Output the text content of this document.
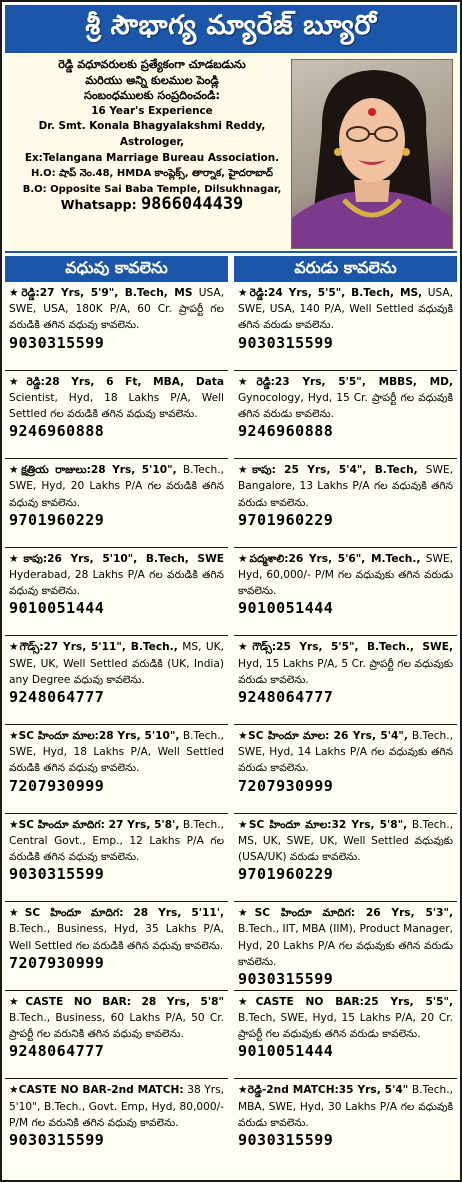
శ్రీ సౌభాగ్య మ్యారేజ్ బ్యూరో
రెడ్డి వధూవరులకు ప్రత్యేకంగా చూడబడును
మరియు అన్ని కులముల పెండ్లి
సంబంధములకు సంప్రదించండి:
16 Year's Experience
Dr. Smt. Konala Bhagyalakshmi Reddy,
Astrologer,
Ex:Telangana Marriage Bureau Association.
H.O: షాప్ నెం.48, HMDA కాంప్లెక్స్, తార్నాక, హైదరాబాద్
B.O: Opposite Sai Baba Temple, Dilsukhnagar,
Whatsapp: 9866044439
వధువు కావలెను	వరుడు కావలెను
★రెడ్డి:27 Yrs, 5'9", B.Tech, MS USA, SWE, USA, 180K P/A, 60 Cr. ప్రాపర్టీ గల వరుడికి తగిన వధువు కావలెను.
9030315599
★రెడ్డి:28 Yrs, 6 Ft, MBA, Data Scientist, Hyd, 18 Lakhs P/A, Well Settled గల వరుడికి తగిన వధువు కావలెను.
9246960888
★క్షత్రియ రాజులు:28 Yrs, 5'10", B.Tech., SWE, Hyd, 20 Lakhs P/A గల వరుడికి తగిన వధువు కావలెను.
9701960229
★కాపు:26 Yrs, 5'10", B.Tech, SWE Hyderabad, 28 Lakhs P/A గల వరుడికి తగిన వధువు కావలెను.
9010051444
★గౌడ్స్:27 Yrs, 5'11", B.Tech., MS, UK, SWE, UK, Well Settled వరుడికి (UK, India) any Degree వధువు కావలెను.
9248064777
★SC హిందూ మాల:28 Yrs, 5'10", B.Tech., SWE, Hyd, 18 Lakhs P/A, Well Settled వరుడికి తగిన వధువు కావలెను.
7207930999
★SC హిందూ మాదిగ: 27 Yrs, 5'8', B.Tech., Central Govt., Emp., 12 Lakhs P/A గల వరుడికి తగిన వధువు కావలెను.
9030315599
★SC హిందూ మాదిగ: 28 Yrs, 5'11', B.Tech., Business, Hyd, 35 Lakhs P/A, Well Settled గల వరుడికి తగిన వధువు కావలెను.
7207930999
★CASTE NO BAR: 28 Yrs, 5'8" B.Tech., Business, 60 Lakhs P/A, 50 Cr. ప్రాపర్టీ గల వరునికి తగిన వధువు కావలెను.
9248064777
★CASTE NO BAR-2nd MATCH: 38 Yrs, 5'10", B.Tech., Govt. Emp, Hyd, 80,000/- P/M గల వరునికి తగిన వధువు కావలెను.
9030315599
★రెడ్డి:24 Yrs, 5'5", B.Tech, MS, USA, SWE, USA, 140 P/A, Well Settled వధువుకి తగిన వరుడు కావలెను.
9030315599
★రెడ్డి:23 Yrs, 5'5", MBBS, MD, Gynocology, Hyd, 15 Cr. ప్రాపర్టీ గల వధువుకి తగిన వరుడు కావలెను.
9246960888
★కాపు: 25 Yrs, 5'4", B.Tech, SWE, Bangalore, 13 Lakhs P/A గల వధువుకి తగిన వరుడు కావలెను.
9701960229
★పద్మశాలి:26 Yrs, 5'6", M.Tech., SWE, Hyd, 60,000/- P/M గల వధువుకు తగిన వరుడు కావలెను.
9010051444
★గౌడ్స్:25 Yrs, 5'5", B.Tech., SWE, Hyd, 15 Lakhs P/A, 5 Cr. ప్రాపర్టీ గల వధువుకు వరుడు కావలెను.
9248064777
★SC హిందూ మాల: 26 Yrs, 5'4", B.Tech., SWE, Hyd, 14 Lakhs P/A గల వధువుకు తగిన వరుడు కావలెను.
7207930999
★SC హిందూ మాల:32 Yrs, 5'8", B.Tech., MS, UK, SWE, UK, Well Settled వధువుకు (USA/UK) వరుడు కావలెను.
9701960229
★SC హిందూ మాదిగ: 26 Yrs, 5'3", B.Tech., IIT, MBA (IIM), Product Manager, Hyd, 20 Lakhs P/A గల వధువుకు తగిన వరుడు కావలెను.
9030315599
★CASTE NO BAR:25 Yrs, 5'5", B.Tech, SWE, Hyd, 15 Lakhs P/A, 20 Cr. ప్రాపర్టీ గల వధువుకు తగిన వరుడు కావలెను.
9010051444
★రెడ్డి-2nd MATCH:35 Yrs, 5'4" B.Tech., MBA, SWE, Hyd, 30 Lakhs P/A గల వధువుకి వరుడు కావలెను.
9030315599
